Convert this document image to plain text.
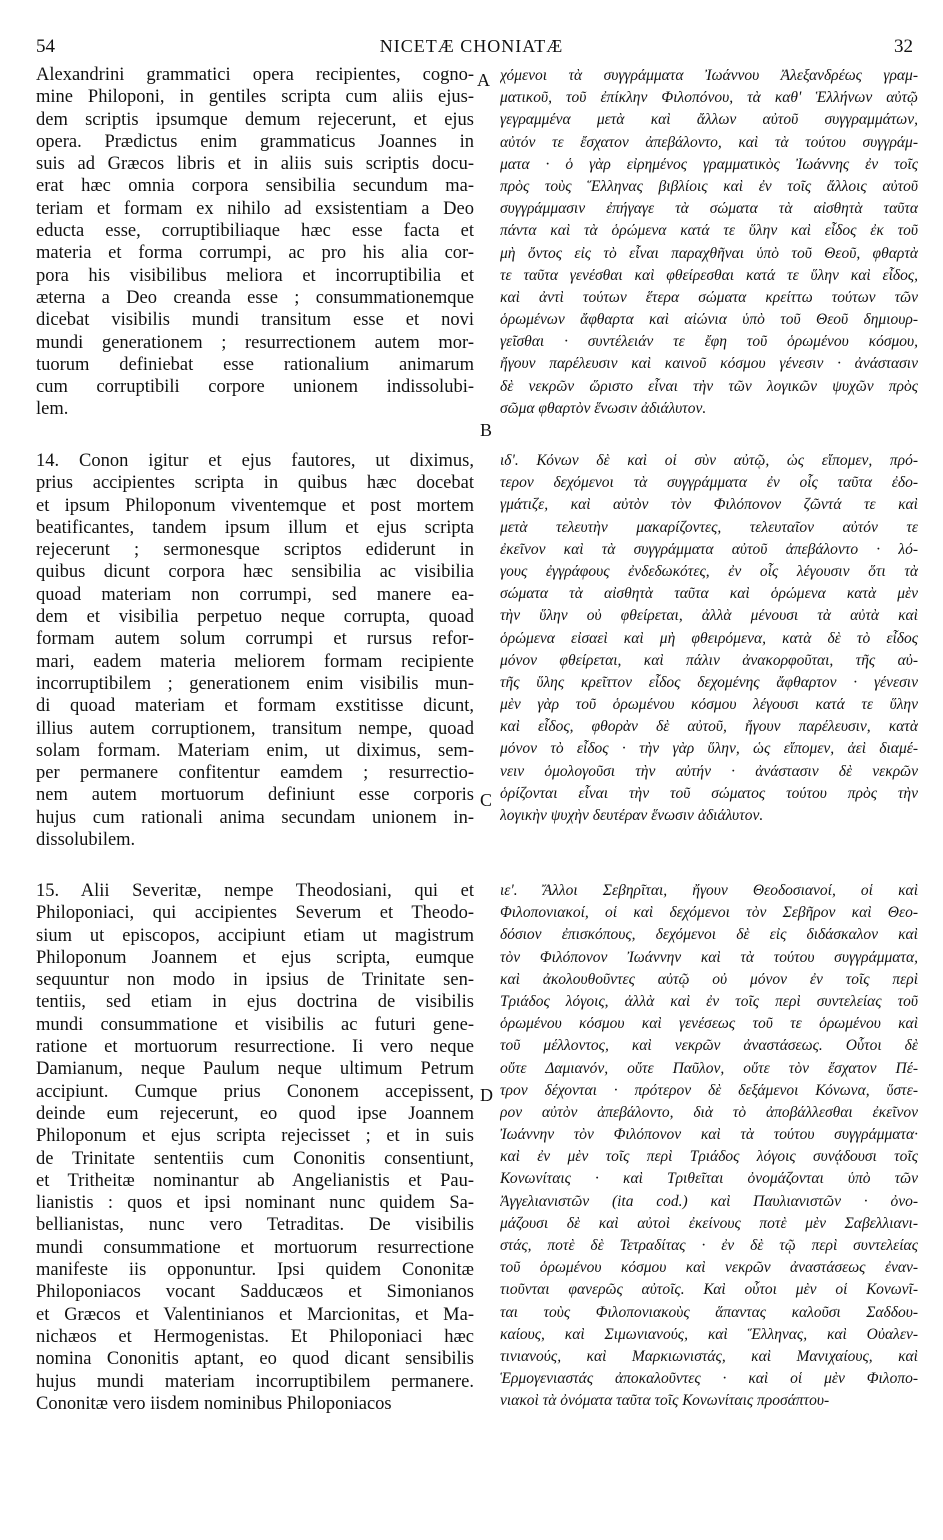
54	NICETÆ CHONIATÆ	32
A
B
C
D
Alexandrini grammatici opera recipientes, cogno-
mine Philoponi, in gentiles scripta cum aliis ejus-
dem scriptis ipsumque demum rejecerunt, et ejus
opera. Prædictus enim grammaticus Joannes in
suis ad Græcos libris et in aliis suis scriptis docu-
erat hæc omnia corpora sensibilia secundum ma-
teriam et formam ex nihilo ad exsistentiam a Deo
educta esse, corruptibiliaque hæc esse facta et
materia et forma corrumpi, ac pro his alia cor-
pora his visibilibus meliora et incorruptibilia et
æterna a Deo creanda esse ; consummationemque
dicebat visibilis mundi transitum esse et novi
mundi generationem ; resurrectionem autem mor-
tuorum definiebat esse rationalium animarum
cum corruptibili corpore unionem indissolubi-
lem.
14. Conon igitur et ejus fautores, ut diximus,
prius accipientes scripta in quibus hæc docebat
et ipsum Philoponum viventemque et post mortem
beatificantes, tandem ipsum illum et ejus scripta
rejecerunt ; sermonesque scriptos ediderunt in
quibus dicunt corpora hæc sensibilia ac visibilia
quoad materiam non corrumpi, sed manere ea-
dem et visibilia perpetuo neque corrupta, quoad
formam autem solum corrumpi et rursus refor-
mari, eadem materia meliorem formam recipiente
incorruptibilem ; generationem enim visibilis mun-
di quoad materiam et formam exstitisse dicunt,
illius autem corruptionem, transitum nempe, quoad
solam formam. Materiam enim, ut diximus, sem-
per permanere confitentur eamdem ; resurrectio-
nem autem mortuorum definiunt esse corporis
hujus cum rationali anima secundam unionem in-
dissolubilem.
15. Alii Severitæ, nempe Theodosiani, qui et
Philoponiaci, qui accipientes Severum et Theodo-
sium ut episcopos, accipiunt etiam ut magistrum
Philoponum Joannem et ejus scripta, eumque
sequuntur non modo in ipsius de Trinitate sen-
tentiis, sed etiam in ejus doctrina de visibilis
mundi consummatione et visibilis ac futuri gene-
ratione et mortuorum resurrectione. Ii vero neque
Damianum, neque Paulum neque ultimum Petrum
accipiunt. Cumque prius Cononem accepissent,
deinde eum rejecerunt, eo quod ipse Joannem
Philoponum et ejus scripta rejecisset ; et in suis
de Trinitate sententiis cum Cononitis consentiunt,
et Tritheitæ nominantur ab Angelianistis et Pau-
lianistis : quos et ipsi nominant nunc quidem Sa-
bellianistas, nunc vero Tetraditas. De visibilis
mundi consummatione et mortuorum resurrectione
manifeste iis opponuntur. Ipsi quidem Cononitæ
Philoponiacos vocant Sadducæos et Simonianos
et Græcos et Valentinianos et Marcionitas, et Ma-
nichæos et Hermogenistas. Et Philoponiaci hæc
nomina Cononitis aptant, eo quod dicant sensibilis
hujus mundi materiam incorruptibilem permanere.
Cononitæ vero iisdem nominibus Philoponiacos
χόμενοι τὰ συγγράμματα Ἰωάννου Ἀλεξανδρέως γραμ-
ματικοῦ, τοῦ ἐπίκλην Φιλοπόνου, τὰ καθ' Ἑλλήνων αὐτῷ
γεγραμμένα μετὰ καὶ ἄλλων αὐτοῦ συγγραμμάτων,
αὐτόν τε ἔσχατον ἀπεβάλοντο, καὶ τὰ τούτου συγγράμ-
ματα · ὁ γὰρ εἰρημένος γραμματικὸς Ἰωάννης ἐν τοῖς
πρὸς τοὺς Ἕλληνας βιβλίοις καὶ ἐν τοῖς ἄλλοις αὐτοῦ
συγγράμμασιν ἐπήγαγε τὰ σώματα τὰ αἰσθητὰ ταῦτα
πάντα καὶ τὰ ὁρώμενα κατά τε ὕλην καὶ εἶδος ἐκ τοῦ
μὴ ὄντος εἰς τὸ εἶναι παραχθῆναι ὑπὸ τοῦ Θεοῦ, φθαρτὰ
τε ταῦτα γενέσθαι καὶ φθείρεσθαι κατά τε ὕλην καὶ εἶδος,
καὶ ἀντὶ τούτων ἕτερα σώματα κρείττω τούτων τῶν
ὁρωμένων ἄφθαρτα καὶ αἰώνια ὑπὸ τοῦ Θεοῦ δημιουρ-
γεῖσθαι · συντέλειάν τε ἔφη τοῦ ὁρωμένου κόσμου,
ἤγουν παρέλευσιν καὶ καινοῦ κόσμου γένεσιν · ἀνάστασιν
δὲ νεκρῶν ὥριστο εἶναι τὴν τῶν λογικῶν ψυχῶν πρὸς
σῶμα φθαρτὸν ἕνωσιν ἀδιάλυτον.
ιδ'. Κόνων δὲ καὶ οἱ σὺν αὐτῷ, ὡς εἴπομεν, πρό-
τερον δεχόμενοι τὰ συγγράμματα ἐν οἷς ταῦτα ἐδο-
γμάτιζε, καὶ αὐτὸν τὸν Φιλόπονον ζῶντά τε καὶ
μετὰ τελευτὴν μακαρίζοντες, τελευταῖον αὐτόν τε
ἐκεῖνον καὶ τὰ συγγράμματα αὐτοῦ ἀπεβάλοντο · λό-
γους ἐγγράφους ἐνδεδωκότες, ἐν οἷς λέγουσιν ὅτι τὰ
σώματα τὰ αἰσθητὰ ταῦτα καὶ ὁρώμενα κατὰ μὲν
τὴν ὕλην οὐ φθείρεται, ἀλλὰ μένουσι τὰ αὐτὰ καὶ
ὁρώμενα εἰσαεὶ καὶ μὴ φθειρόμενα, κατὰ δὲ τὸ εἶδος
μόνον φθείρεται, καὶ πάλιν ἀνακορφοῦται, τῆς αὐ-
τῆς ὕλης κρεῖττον εἶδος δεχομένης ἄφθαρτον · γένεσιν
μὲν γὰρ τοῦ ὁρωμένου κόσμου λέγουσι κατά τε ὕλην
καὶ εἶδος, φθορὰν δὲ αὐτοῦ, ἤγουν παρέλευσιν, κατὰ
μόνον τὸ εἶδος · τὴν γὰρ ὕλην, ὡς εἴπομεν, ἀεὶ διαμέ-
νειν ὁμολογοῦσι τὴν αὐτήν · ἀνάστασιν δὲ νεκρῶν
ὁρίζονται εἶναι τὴν τοῦ σώματος τούτου πρὸς τὴν
λογικὴν ψυχὴν δευτέραν ἕνωσιν ἀδιάλυτον.
ιε'. Ἄλλοι Σεβηρῖται, ἤγουν Θεοδοσιανοί, οἱ καὶ
Φιλοπονιακοί, οἱ καὶ δεχόμενοι τὸν Σεβῆρον καὶ Θεο-
δόσιον ἐπισκόπους, δεχόμενοι δὲ εἰς διδάσκαλον καὶ
τὸν Φιλόπονον Ἰωάννην καὶ τὰ τούτου συγγράμματα,
καὶ ἀκολουθοῦντες αὐτῷ οὐ μόνον ἐν τοῖς περὶ
Τριάδος λόγοις, ἀλλὰ καὶ ἐν τοῖς περὶ συντελείας τοῦ
ὁρωμένου κόσμου καὶ γενέσεως τοῦ τε ὁρωμένου καὶ
τοῦ μέλλοντος, καὶ νεκρῶν ἀναστάσεως. Οὗτοι δὲ
οὔτε Δαμιανόν, οὔτε Παῦλον, οὔτε τὸν ἔσχατον Πέ-
τρον δέχονται · πρότερον δὲ δεξάμενοι Κόνωνα, ὕστε-
ρον αὐτὸν ἀπεβάλοντο, διὰ τὸ ἀποβάλλεσθαι ἐκεῖνον
Ἰωάννην τὸν Φιλόπονον καὶ τὰ τούτου συγγράμματα·
καὶ ἐν μὲν τοῖς περὶ Τριάδος λόγοις συνᾴδουσι τοῖς
Κονωνίταις · καὶ Τριθεῖται ὀνομάζονται ὑπὸ τῶν
Ἀγγελιανιστῶν (ita cod.) καὶ Παυλιανιστῶν · ὀνο-
μάζουσι δὲ καὶ αὐτοὶ ἐκείνους ποτὲ μὲν Σαβελλιανι-
στάς, ποτὲ δὲ Τετραδίτας · ἐν δὲ τῷ περὶ συντελείας
τοῦ ὁρωμένου κόσμου καὶ νεκρῶν ἀναστάσεως ἐναν-
τιοῦνται φανερῶς αὐτοῖς. Καὶ οὗτοι μὲν οἱ Κονωνῖ-
ται τοὺς Φιλοπονιακοὺς ἅπαντας καλοῦσι Σαδδου-
καίους, καὶ Σιμωνιανούς, καὶ Ἕλληνας, καὶ Οὐαλεν-
τινιανούς, καὶ Μαρκιωνιστάς, καὶ Μανιχαίους, καὶ
Ἑρμογενιαστάς ἀποκαλοῦντες · καὶ οἱ μὲν Φιλοπο-
νιακοὶ τὰ ὀνόματα ταῦτα τοῖς Κονωνίταις προσάπτου-
